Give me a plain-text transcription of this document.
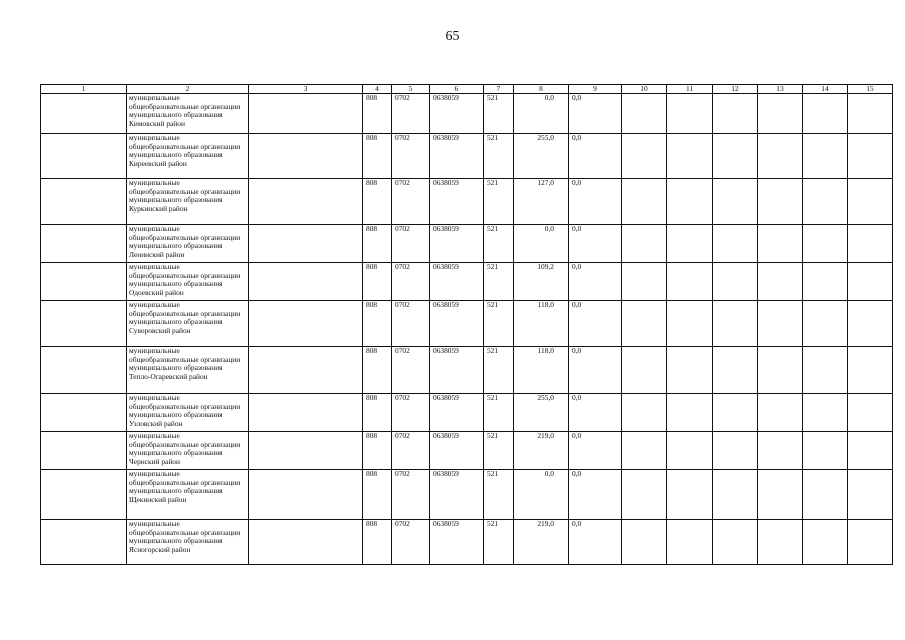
65
1	2	3	4	5	6	7	8	9	10	11	12	13	14	15
	муниципальные общеобразовательные организации муниципального образования Кимовский район		808	0702	0638059	521	0,0	0,0						
	муниципальные общеобразовательные организации муниципального образования Киреевский район		808	0702	0638059	521	255,0	0,0						
	муниципальные общеобразовательные организации муниципального образования Куркинский район		808	0702	0638059	521	127,0	0,0						
	муниципальные общеобразовательные организации муниципального образования Ленинский район		808	0702	0638059	521	0,0	0,0						
	муниципальные общеобразовательные организации муниципального образования Одоевский район		808	0702	0638059	521	109,2	0,0						
	муниципальные общеобразовательные организации муниципального образования Суворовский район		808	0702	0638059	521	118,0	0,0						
	муниципальные общеобразовательные организации муниципального образования Тепло-Огаревский район		808	0702	0638059	521	118,0	0,0						
	муниципальные общеобразовательные организации муниципального образования Узловский район		808	0702	0638059	521	255,0	0,0						
	муниципальные общеобразовательные организации муниципального образования Чернский район		808	0702	0638059	521	219,0	0,0						
	муниципальные общеобразовательные организации муниципального образования Щекинский район		808	0702	0638059	521	0,0	0,0						
	муниципальные общеобразовательные организации муниципального образования Ясногорский район		808	0702	0638059	521	219,0	0,0						
